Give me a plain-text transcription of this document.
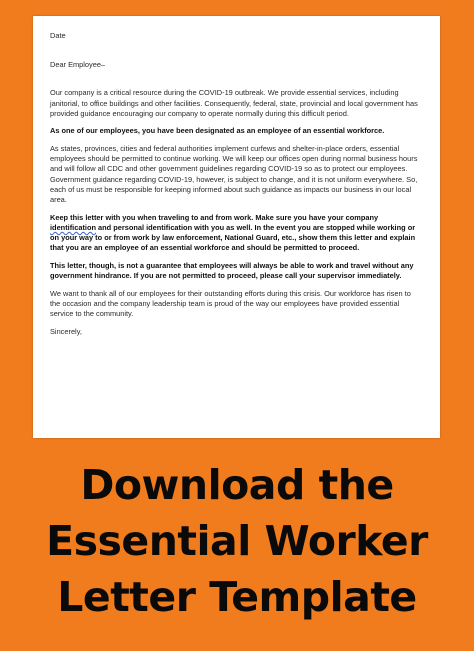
Date

Dear Employee–

Our company is a critical resource during the COVID-19 outbreak. We provide essential services, including janitorial, to office buildings and other facilities. Consequently, federal, state, provincial and local government has provided guidance encouraging our company to operate normally during this difficult period.

As one of our employees, you have been designated as an employee of an essential workforce.

As states, provinces, cities and federal authorities implement curfews and shelter-in-place orders, essential employees should be permitted to continue working. We will keep our offices open during normal business hours and will follow all CDC and other government guidelines regarding COVID-19 so as to protect our employees. Government guidance regarding COVID-19, however, is subject to change, and it is not uniform everywhere. So, each of us must be responsible for keeping informed about such guidance as impacts our business in our local area.

Keep this letter with you when traveling to and from work. Make sure you have your company identification and personal identification with you as well. In the event you are stopped while working or on your way to or from work by law enforcement, National Guard, etc., show them this letter and explain that you are an employee of an essential workforce and should be permitted to proceed.

This letter, though, is not a guarantee that employees will always be able to work and travel without any government hindrance. If you are not permitted to proceed, please call your supervisor immediately.

We want to thank all of our employees for their outstanding efforts during this crisis. Our workforce has risen to the occasion and the company leadership team is proud of the way our employees have provided essential service to the community.

Sincerely,

Download the
Essential Worker
Letter Template
